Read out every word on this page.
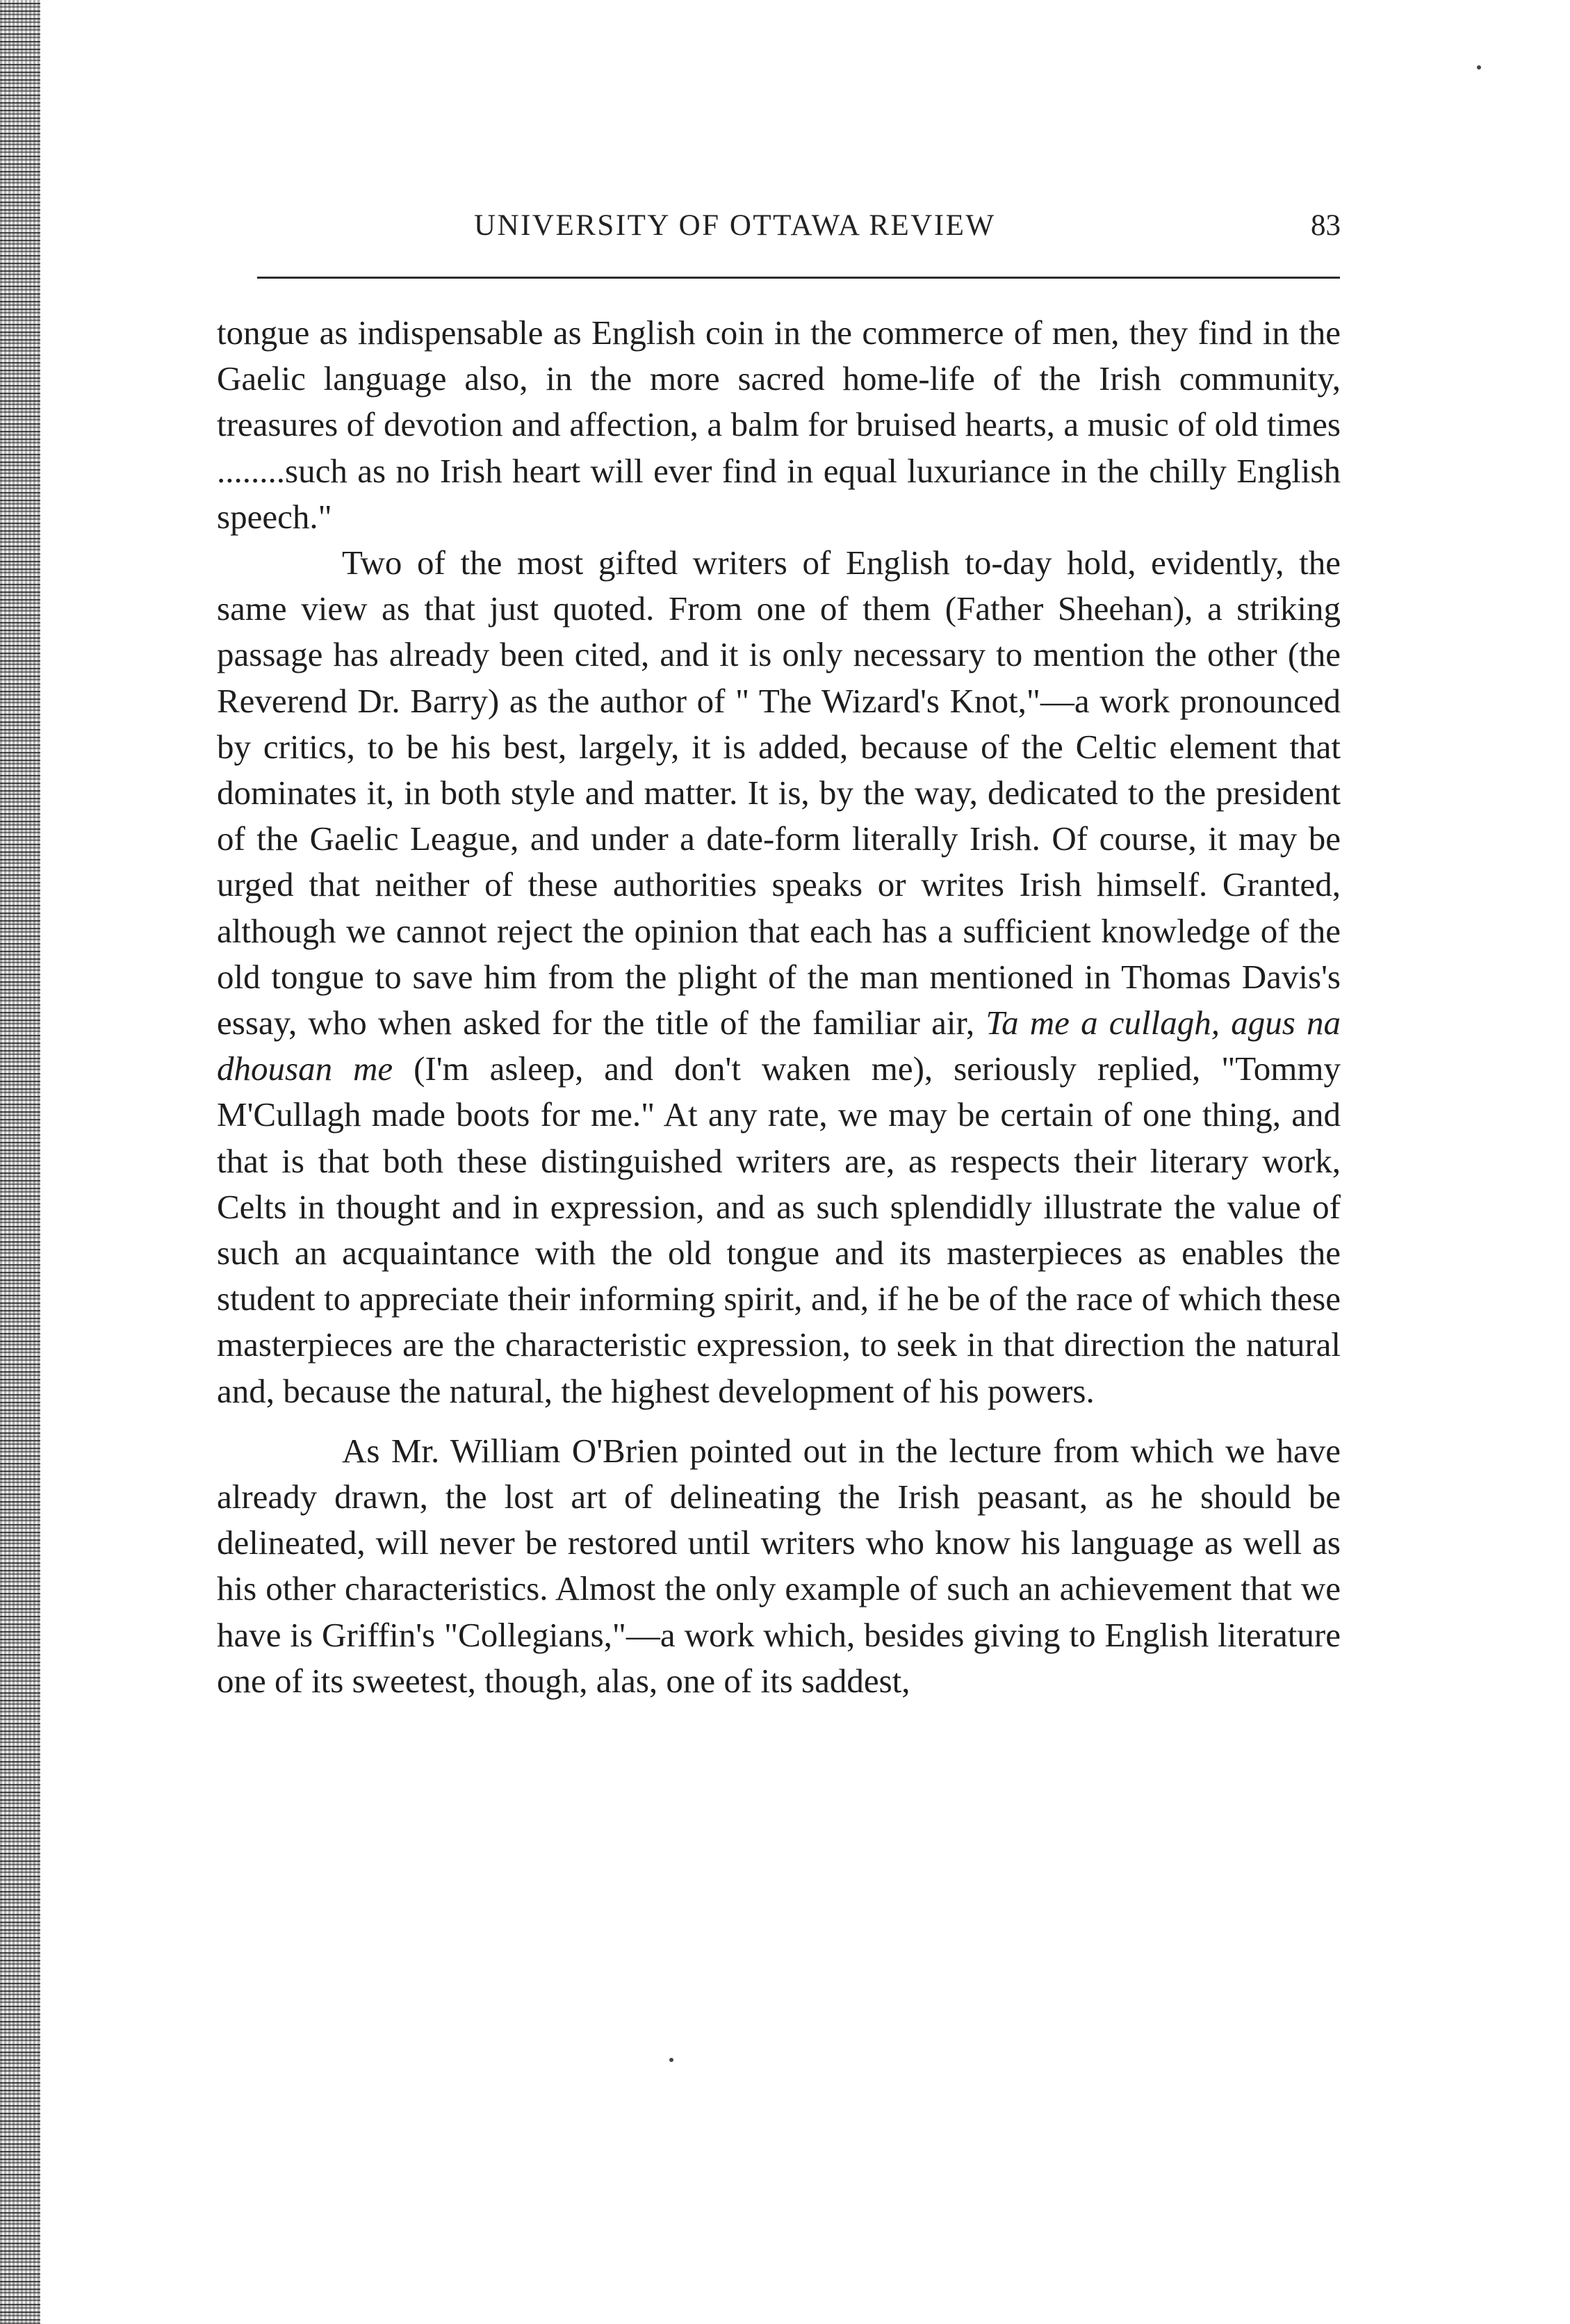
UNIVERSITY OF OTTAWA REVIEW	83

tongue as indispensable as English coin in the commerce of men, they find in the Gaelic language also, in the more sacred home-life of the Irish community, treasures of devotion and affection, a balm for bruised hearts, a music of old times ........such as no Irish heart will ever find in equal luxuriance in the chilly English speech."

Two of the most gifted writers of English to-day hold, evidently, the same view as that just quoted. From one of them (Father Sheehan), a striking passage has already been cited, and it is only necessary to mention the other (the Reverend Dr. Barry) as the author of " The Wizard's Knot,"—a work pronounced by critics, to be his best, largely, it is added, because of the Celtic element that dominates it, in both style and matter. It is, by the way, dedicated to the president of the Gaelic League, and under a date-form literally Irish. Of course, it may be urged that neither of these authorities speaks or writes Irish himself. Granted, although we cannot reject the opinion that each has a sufficient knowledge of the old tongue to save him from the plight of the man mentioned in Thomas Davis's essay, who when asked for the title of the familiar air, Ta me a cullagh, agus na dhousan me (I'm asleep, and don't waken me), seriously replied, "Tommy M'Cullagh made boots for me." At any rate, we may be certain of one thing, and that is that both these distinguished writers are, as respects their literary work, Celts in thought and in expression, and as such splendidly illustrate the value of such an acquaintance with the old tongue and its masterpieces as enables the student to appreciate their informing spirit, and, if he be of the race of which these masterpieces are the characteristic expression, to seek in that direction the natural and, because the natural, the highest development of his powers.

As Mr. William O'Brien pointed out in the lecture from which we have already drawn, the lost art of delineating the Irish peasant, as he should be delineated, will never be restored until writers who know his language as well as his other characteristics. Almost the only example of such an achievement that we have is Griffin's "Collegians,"—a work which, besides giving to English literature one of its sweetest, though, alas, one of its saddest,
